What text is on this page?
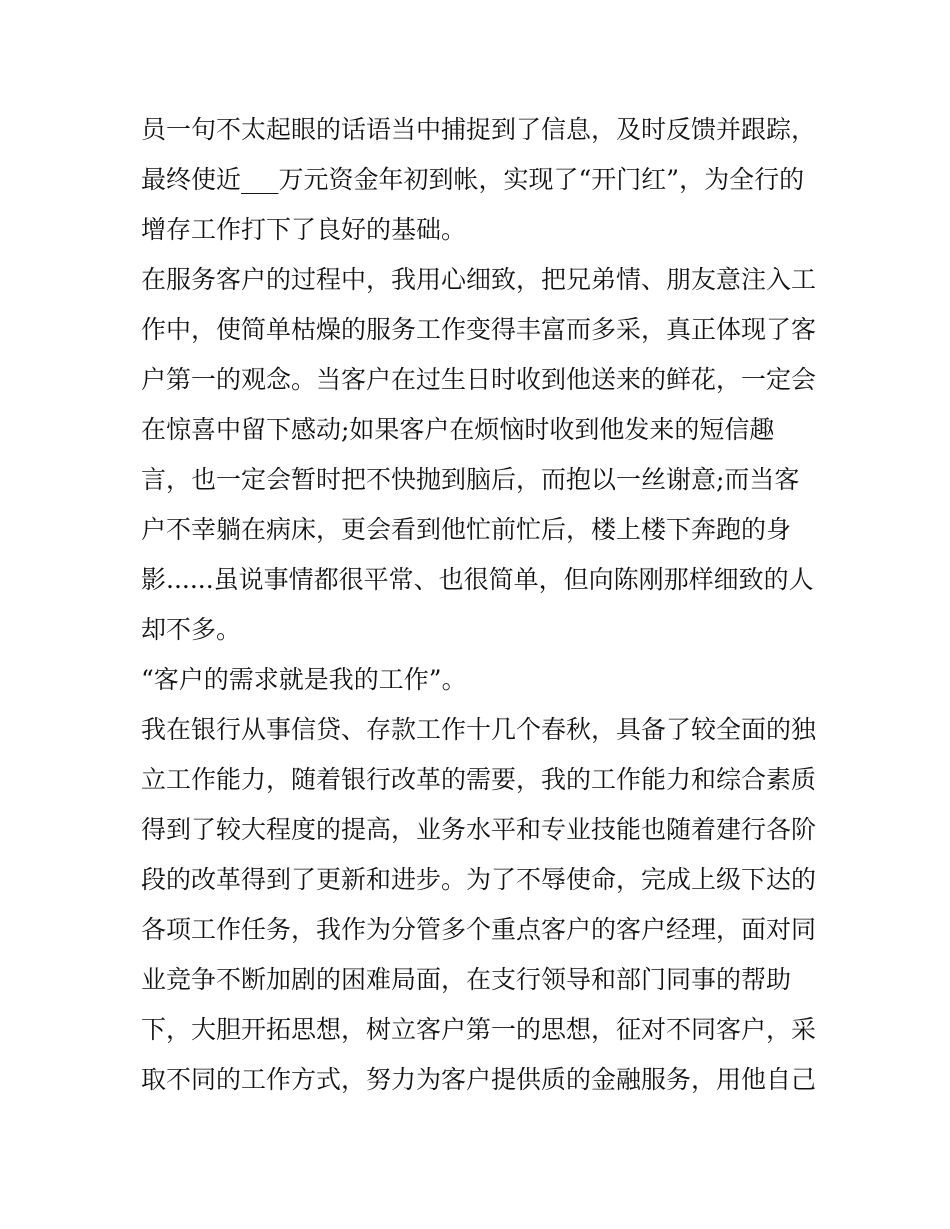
员一句不太起眼的话语当中捕捉到了信息，及时反馈并跟踪，
最终使近___万元资金年初到帐，实现了“开门红”，为全行的
增存工作打下了良好的基础。
在服务客户的过程中，我用心细致，把兄弟情、朋友意注入工
作中，使简单枯燥的服务工作变得丰富而多采，真正体现了客
户第一的观念。当客户在过生日时收到他送来的鲜花，一定会
在惊喜中留下感动;如果客户在烦恼时收到他发来的短信趣
言，也一定会暂时把不快抛到脑后，而抱以一丝谢意;而当客
户不幸躺在病床，更会看到他忙前忙后，楼上楼下奔跑的身
影......虽说事情都很平常、也很简单，但向陈刚那样细致的人
却不多。
“客户的需求就是我的工作”。
我在银行从事信贷、存款工作十几个春秋，具备了较全面的独
立工作能力，随着银行改革的需要，我的工作能力和综合素质
得到了较大程度的提高，业务水平和专业技能也随着建行各阶
段的改革得到了更新和进步。为了不辱使命，完成上级下达的
各项工作任务，我作为分管多个重点客户的客户经理，面对同
业竞争不断加剧的困难局面，在支行领导和部门同事的帮助
下，大胆开拓思想，树立客户第一的思想，征对不同客户，采
取不同的工作方式，努力为客户提供质的金融服务，用他自己
